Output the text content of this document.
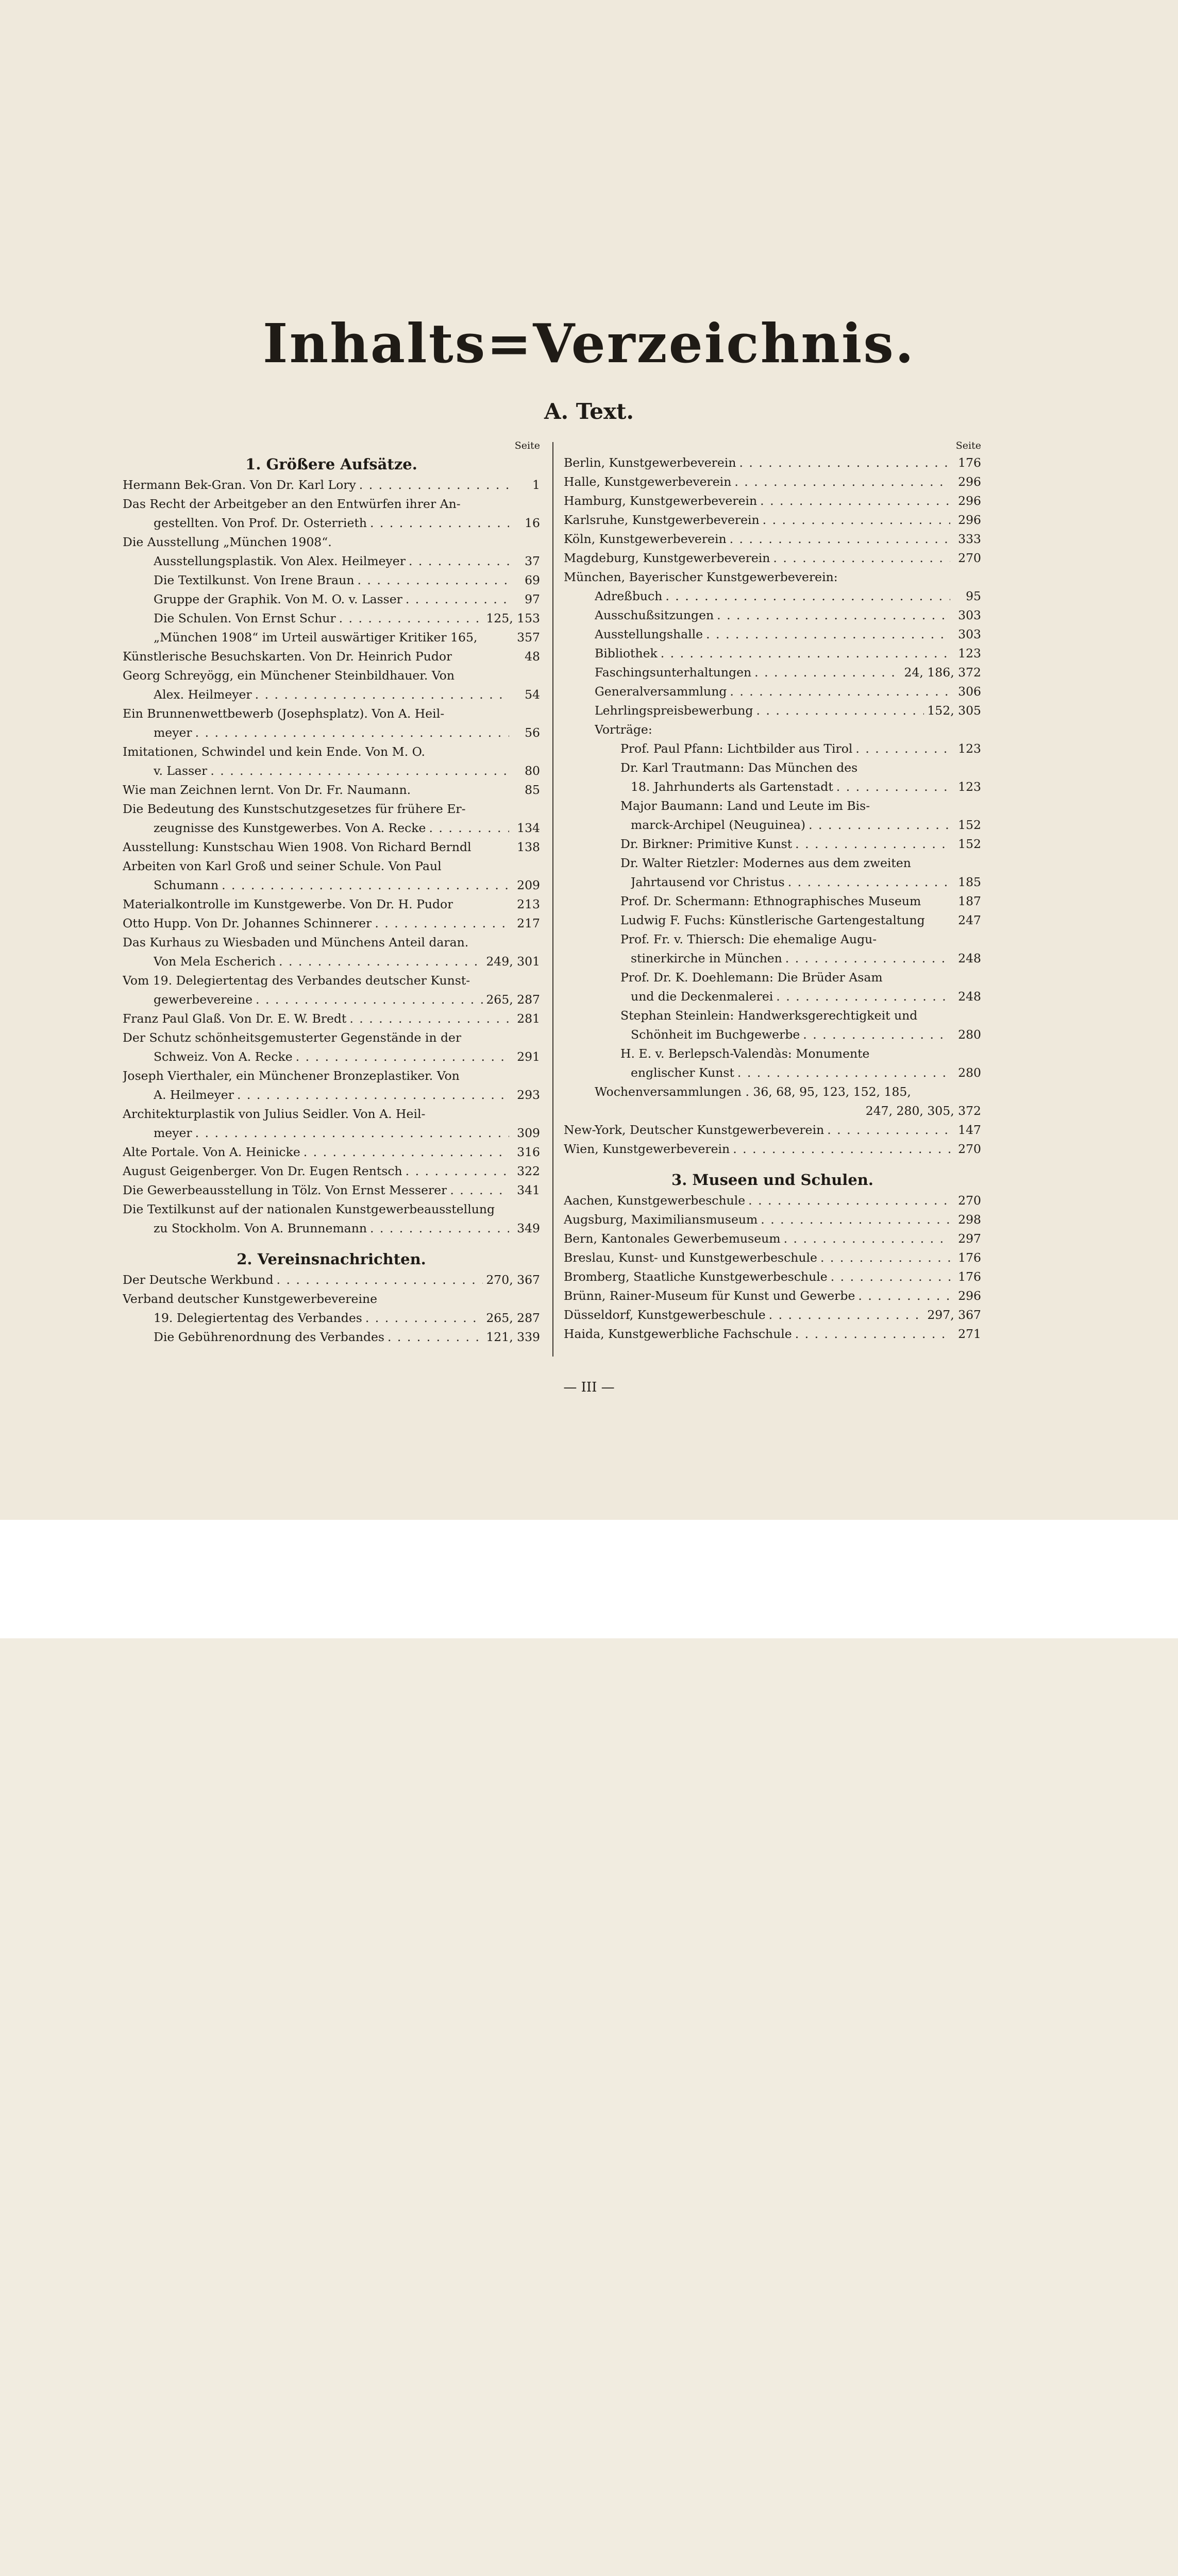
Inhalts=Verzeichnis.
A. Text.
Seite
1. Größere Aufsätze.
Hermann Bek-Gran. Von Dr. Karl Lory . . .	1
Das Recht der Arbeitgeber an den Entwürfen ihrer An-
gestellten. Von Prof. Dr. Osterrieth . . .	16
Die Ausstellung „München 1908“.
Ausstellungsplastik. Von Alex. Heilmeyer . . .	37
Die Textilkunst. Von Irene Braun . . .	69
Gruppe der Graphik. Von M. O. v. Lasser . . .	97
Die Schulen. Von Ernst Schur . . .	125, 153
„München 1908“ im Urteil auswärtiger Kritiker 165,	357
Künstlerische Besuchskarten. Von Dr. Heinrich Pudor	48
Georg Schreyögg, ein Münchener Steinbildhauer. Von
Alex. Heilmeyer . . .	54
Ein Brunnenwettbewerb (Josephsplatz). Von A. Heil-
meyer . . .	56
Imitationen, Schwindel und kein Ende. Von M. O.
v. Lasser . . .	80
Wie man Zeichnen lernt. Von Dr. Fr. Naumann.	85
Die Bedeutung des Kunstschutzgesetzes für frühere Er-
zeugnisse des Kunstgewerbes. Von A. Recke . . .	134
Ausstellung: Kunstschau Wien 1908. Von Richard Berndl	138
Arbeiten von Karl Groß und seiner Schule. Von Paul
Schumann . . .	209
Materialkontrolle im Kunstgewerbe. Von Dr. H. Pudor	213
Otto Hupp. Von Dr. Johannes Schinnerer . . .	217
Das Kurhaus zu Wiesbaden und Münchens Anteil daran.
Von Mela Escherich . . .	249, 301
Vom 19. Delegiertentag des Verbandes deutscher Kunst-
gewerbevereine . . .	265, 287
Franz Paul Glaß. Von Dr. E. W. Bredt . . .	281
Der Schutz schönheitsgemusterter Gegenstände in der
Schweiz. Von A. Recke . . .	291
Joseph Vierthaler, ein Münchener Bronzeplastiker. Von
A. Heilmeyer . . .	293
Architekturplastik von Julius Seidler. Von A. Heil-
meyer . . .	309
Alte Portale. Von A. Heinicke . . .	316
August Geigenberger. Von Dr. Eugen Rentsch . . .	322
Die Gewerbeausstellung in Tölz. Von Ernst Messerer . . .	341
Die Textilkunst auf der nationalen Kunstgewerbeausstellung
zu Stockholm. Von A. Brunnemann . . .	349
2. Vereinsnachrichten.
Der Deutsche Werkbund . . .	270, 367
Verband deutscher Kunstgewerbevereine
19. Delegiertentag des Verbandes . . .	265, 287
Die Gebührenordnung des Verbandes . . .	121, 339
Seite
Berlin, Kunstgewerbeverein . . .	176
Halle, Kunstgewerbeverein . . .	296
Hamburg, Kunstgewerbeverein . . .	296
Karlsruhe, Kunstgewerbeverein . . .	296
Köln, Kunstgewerbeverein . . .	333
Magdeburg, Kunstgewerbeverein . . .	270
München, Bayerischer Kunstgewerbeverein:
Adreßbuch . . .	95
Ausschußsitzungen . . .	303
Ausstellungshalle . . .	303
Bibliothek . . .	123
Faschingsunterhaltungen . . .	24, 186, 372
Generalversammlung . . .	306
Lehrlingspreisbewerbung . . .	152, 305
Vorträge:
Prof. Paul Pfann: Lichtbilder aus Tirol . . .	123
Dr. Karl Trautmann: Das München des
18. Jahrhunderts als Gartenstadt . . .	123
Major Baumann: Land und Leute im Bis-
marck-Archipel (Neuguinea) . . .	152
Dr. Birkner: Primitive Kunst . . .	152
Dr. Walter Rietzler: Modernes aus dem zweiten
Jahrtausend vor Christus . . .	185
Prof. Dr. Schermann: Ethnographisches Museum	187
Ludwig F. Fuchs: Künstlerische Gartengestaltung	247
Prof. Fr. v. Thiersch: Die ehemalige Augu-
stinerkirche in München . . .	248
Prof. Dr. K. Doehlemann: Die Brüder Asam
und die Deckenmalerei . . .	248
Stephan Steinlein: Handwerksgerechtigkeit und
Schönheit im Buchgewerbe . . .	280
H. E. v. Berlepsch-Valendàs: Monumente
englischer Kunst . . .	280
Wochenversammlungen . 36, 68, 95, 123, 152, 185,
247, 280, 305, 372
New-York, Deutscher Kunstgewerbeverein . . .	147
Wien, Kunstgewerbeverein . . .	270
3. Museen und Schulen.
Aachen, Kunstgewerbeschule . . .	270
Augsburg, Maximiliansmuseum . . .	298
Bern, Kantonales Gewerbemuseum . . .	297
Breslau, Kunst- und Kunstgewerbeschule . . .	176
Bromberg, Staatliche Kunstgewerbeschule . . .	176
Brünn, Rainer-Museum für Kunst und Gewerbe . . .	296
Düsseldorf, Kunstgewerbeschule . . .	297, 367
Haida, Kunstgewerbliche Fachschule . . .	271
— III —
